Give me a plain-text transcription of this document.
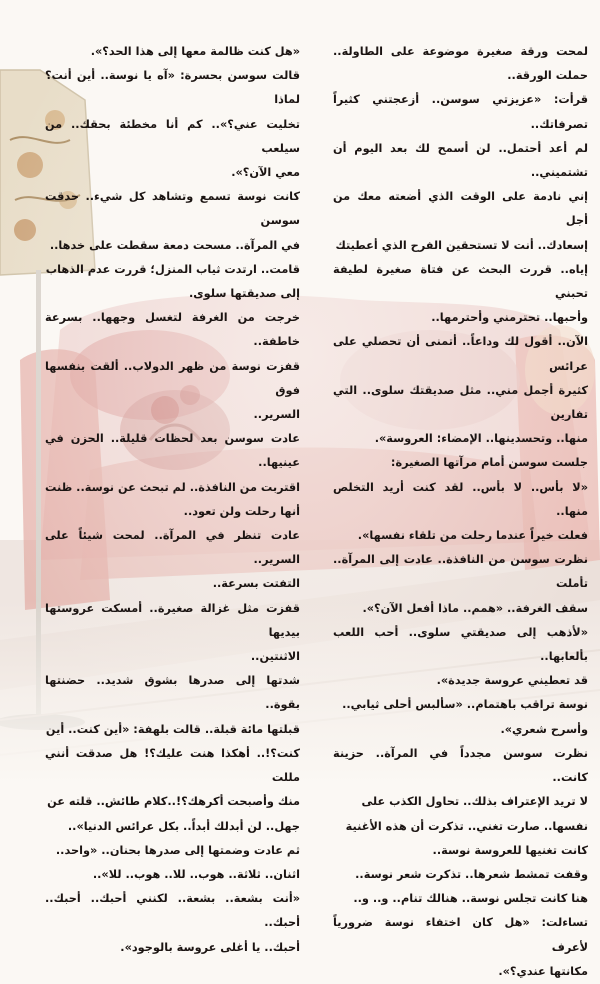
لمحت ورقة صغيرة موضوعة على الطاولة.. حملت الورقة..

قرأت: «عزيزتي سوسن.. أزعجتني كثيراً تصرفاتك..

لم أعد أحتمل.. لن أسمح لك بعد اليوم أن تشتميني..

إني نادمة على الوقت الذي أضعته معك من أجل

إسعادك.. أنت لا تستحقين الفرح الذي أعطيتك

إياه.. قررت البحث عن فتاة صغيرة لطيفة تحبني

وأحبها.. تحترمني وأحترمها..

الآن.. أقول لك وداعاً.. أتمنى أن تحصلي على عرائس

كثيرة أجمل مني.. مثل صديقتك سلوى.. التي تفارين

منها.. وتحسدينها.. الإمضاء: العروسة».

جلست سوسن أمام مرآتها الصغيرة:

«لا بأس.. لا بأس.. لقد كنت أريد التخلص منها..

فعلت خيراً عندما رحلت من تلقاء نفسها».

نظرت سوسن من النافذة.. عادت إلى المرآة.. تأملت

سقف الغرفة.. «همم.. ماذا أفعل الآن؟».

«لأذهب إلى صديقتي سلوى.. أحب اللعب بألعابها..

قد تعطيني عروسة جديدة».

نوسة تراقب باهتمام.. «سألبس أحلى ثيابي..

وأسرح شعري».

نظرت سوسن مجدداً في المرآة.. حزينة كانت..

لا تريد الإعتراف بذلك.. تحاول الكذب على

نفسها.. صارت تغني.. تذكرت أن هذه الأغنية

كانت تغنيها للعروسة نوسة..

وقفت تمشط شعرها.. تذكرت شعر نوسة..

هنا كانت تجلس نوسة.. هنالك تنام.. و.. و..

تساءلت: «هل كان اختفاء نوسة ضرورياً لأعرف

مكانتها عندي؟».

«هل كنت ظالمة معها إلى هذا الحد؟».

قالت سوسن بحسرة: «آه يا نوسة.. أين أنت؟ لماذا

تخليت عني؟».. كم أنا مخطئة بحقك.. من سيلعب

معي الآن؟».

كانت نوسة تسمع وتشاهد كل شيء.. حدقت سوسن

في المرآة.. مسحت دمعة سقطت على خدها..

قامت.. ارتدت ثياب المنزل؛ قررت عدم الذهاب

إلى صديقتها سلوى.

خرجت من الغرفة لتغسل وجهها.. بسرعة خاطفة..

قفزت نوسة من ظهر الدولاب.. ألقت بنفسها فوق

السرير..

عادت سوسن بعد لحظات قليلة.. الحزن في عينيها..

اقتربت من النافذة.. لم تبحث عن نوسة.. ظنت

أنها رحلت ولن تعود..

عادت تنظر في المرآة.. لمحت شيئاً على السرير..

التفتت بسرعة..

قفزت مثل غزالة صغيرة.. أمسكت عروستها بيديها

الاثنتين..

شدتها إلى صدرها بشوق شديد.. حضنتها بقوة..

قبلتها مائة قبلة.. قالت بلهفة: «أين كنت.. أين

كنت؟!.. أهكذا هنت عليك؟! هل صدقت أنني مللت

منك وأصبحت أكرهك؟!..كلام طائش.. قلته عن

جهل.. لن أبدلك أبداً.. بكل عرائس الدنيا»..

ثم عادت وضمتها إلى صدرها بحنان.. «واحد..

اثنان.. ثلاثة.. هوب.. للا.. هوب.. للا»..

«أنت بشعة.. بشعة.. لكنني أحبك.. أحبك.. أحبك..

أحبك.. يا أغلى عروسة بالوجود».
